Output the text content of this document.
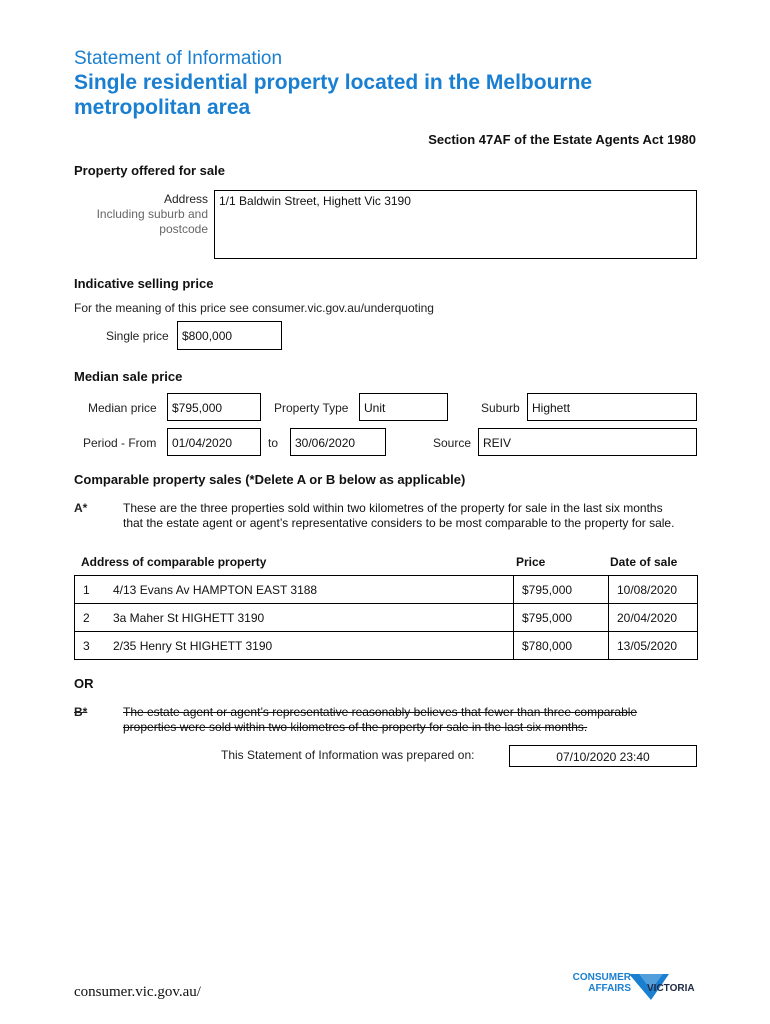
Statement of Information
Single residential property located in the Melbourne metropolitan area
Section 47AF of the Estate Agents Act 1980
Property offered for sale
Address
Including suburb and
postcode
1/1 Baldwin Street, Highett Vic 3190
Indicative selling price
For the meaning of this price see consumer.vic.gov.au/underquoting
Single price	$800,000
Median sale price
Median price	$795,000	Property Type	Unit	Suburb	Highett
Period - From	01/04/2020	to	30/06/2020	Source REIV
Comparable property sales (*Delete A or B below as applicable)
A*	These are the three properties sold within two kilometres of the property for sale in the last six months that the estate agent or agent’s representative considers to be most comparable to the property for sale.
Address of comparable property	Price	Date of sale
1	4/13 Evans Av HAMPTON EAST 3188	$795,000	10/08/2020
2	3a Maher St HIGHETT 3190	$795,000	20/04/2020
3	2/35 Henry St HIGHETT 3190	$780,000	13/05/2020
OR
B*	The estate agent or agent’s representative reasonably believes that fewer than three comparable properties were sold within two kilometres of the property for sale in the last six months.
This Statement of Information was prepared on:	07/10/2020 23:40
consumer.vic.gov.au/
CONSUMER
AFFAIRS VICTORIA
